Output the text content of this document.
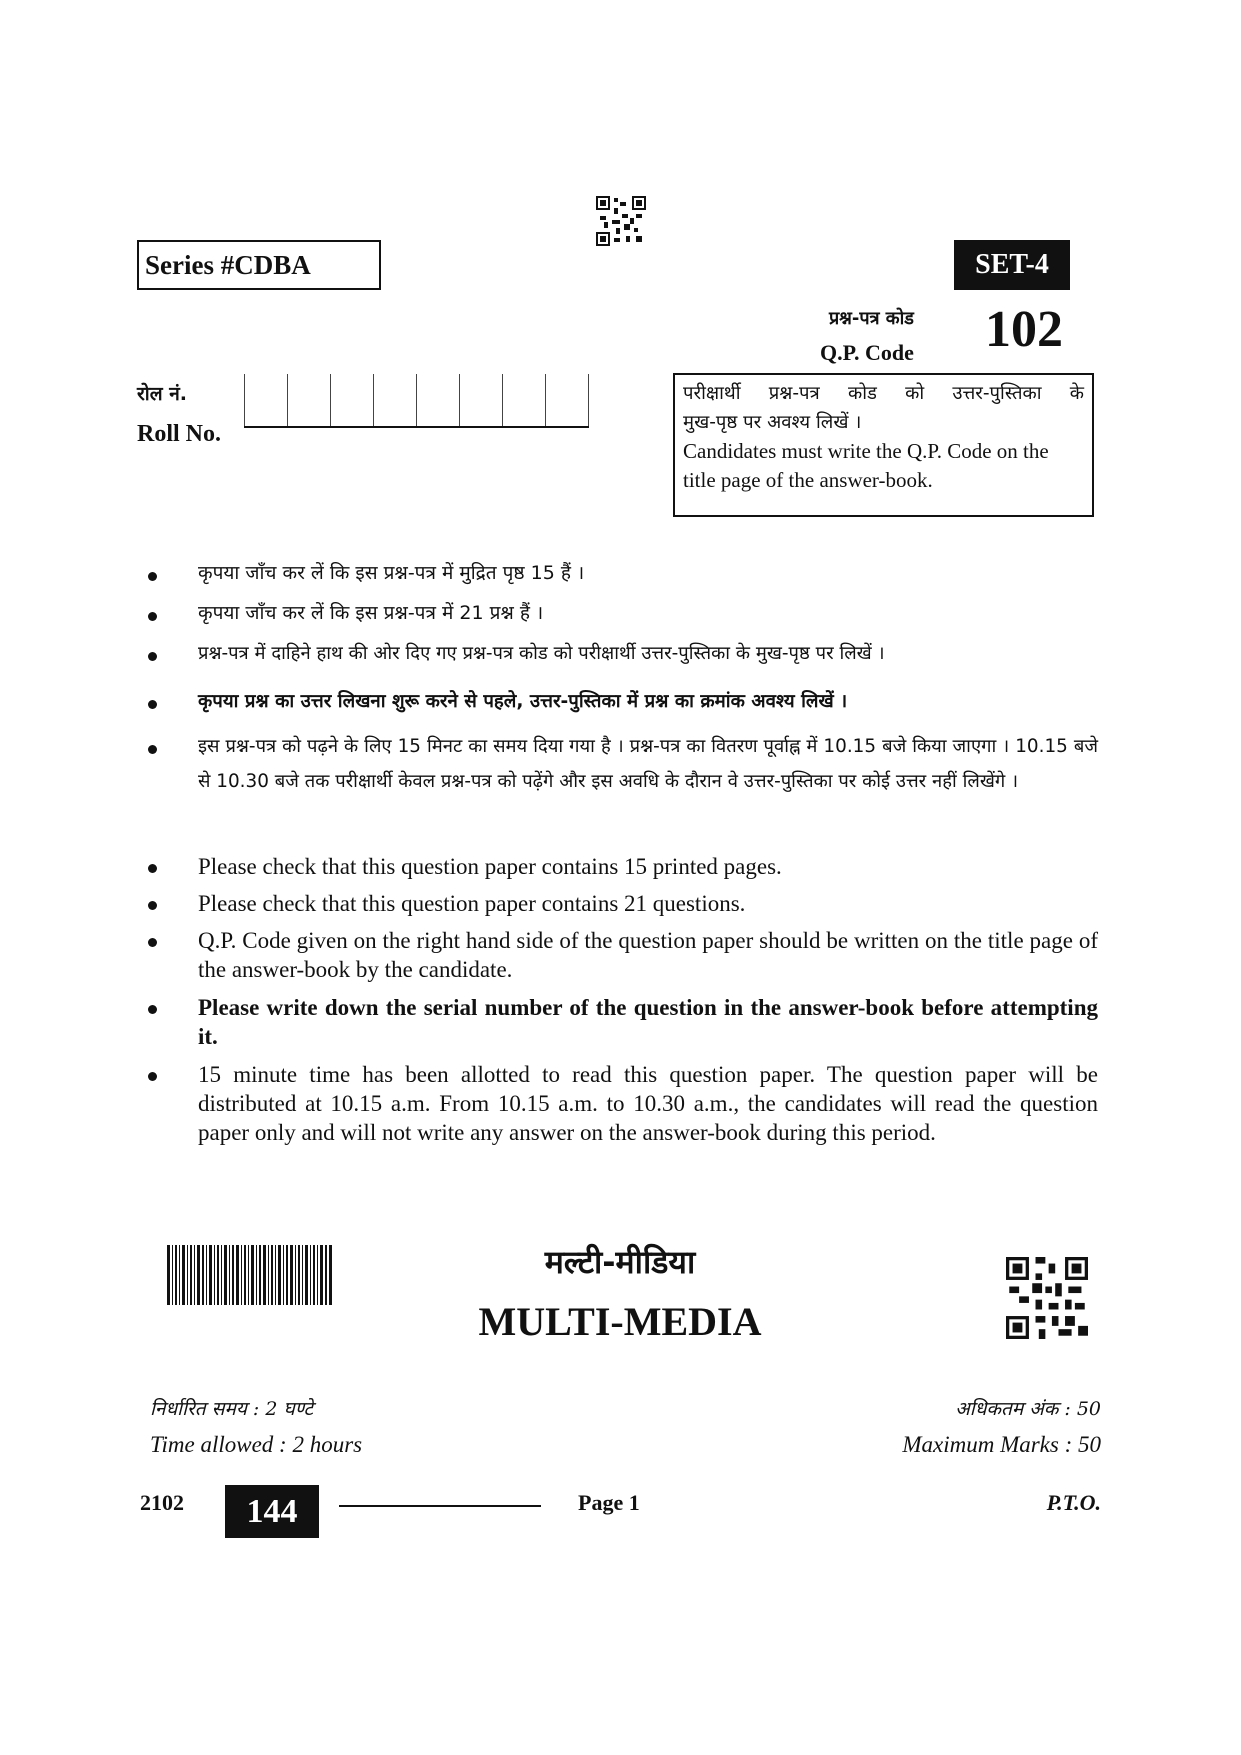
Series #CDBA	SET-4
प्रश्न-पत्र कोड
Q.P. Code 102
रोल नं.
Roll No.
परीक्षार्थी प्रश्न-पत्र कोड को उत्तर-पुस्तिका के
मुख-पृष्ठ पर अवश्य लिखें ।
Candidates must write the Q.P. Code on the title page of the answer-book.
कृपया जाँच कर लें कि इस प्रश्न-पत्र में मुद्रित पृष्ठ 15 हैं ।
कृपया जाँच कर लें कि इस प्रश्न-पत्र में 21 प्रश्न हैं ।
प्रश्न-पत्र में दाहिने हाथ की ओर दिए गए प्रश्न-पत्र कोड को परीक्षार्थी उत्तर-पुस्तिका के मुख-पृष्ठ पर लिखें ।
कृपया प्रश्न का उत्तर लिखना शुरू करने से पहले, उत्तर-पुस्तिका में प्रश्न का क्रमांक अवश्य लिखें ।
इस प्रश्न-पत्र को पढ़ने के लिए 15 मिनट का समय दिया गया है । प्रश्न-पत्र का वितरण पूर्वाह्न में 10.15 बजे किया जाएगा । 10.15 बजे से 10.30 बजे तक परीक्षार्थी केवल प्रश्न-पत्र को पढ़ेंगे और इस अवधि के दौरान वे उत्तर-पुस्तिका पर कोई उत्तर नहीं लिखेंगे ।
Please check that this question paper contains 15 printed pages.
Please check that this question paper contains 21 questions.
Q.P. Code given on the right hand side of the question paper should be written on the title page of the answer-book by the candidate.
Please write down the serial number of the question in the answer-book before attempting it.
15 minute time has been allotted to read this question paper. The question paper will be distributed at 10.15 a.m. From 10.15 a.m. to 10.30 a.m., the candidates will read the question paper only and will not write any answer on the answer-book during this period.
मल्टी-मीडिया
MULTI-MEDIA
निर्धारित समय : 2 घण्टे
Time allowed : 2 hours
अधिकतम अंक : 50
Maximum Marks : 50
2102	144	Page 1	P.T.O.
